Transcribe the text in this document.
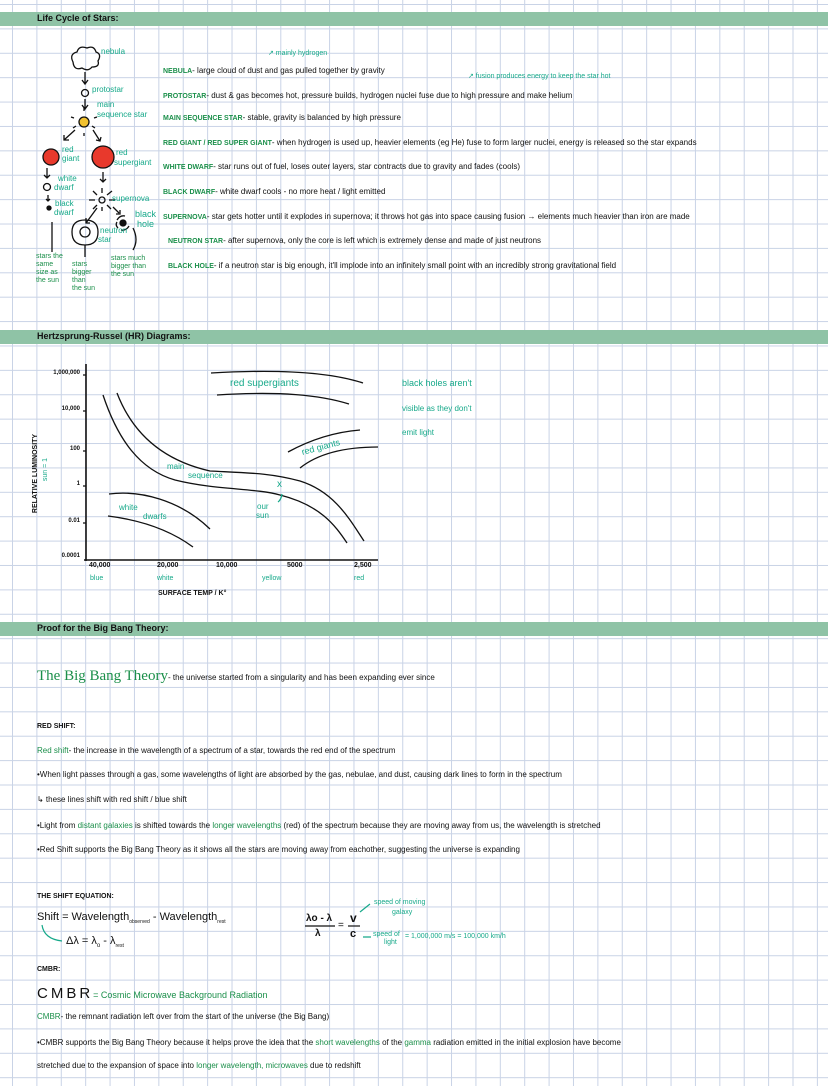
Life Cycle of Stars:
Hertzsprung-Russel (HR) Diagrams:
Proof for the Big Bang Theory:
nebula
protostar
main
sequence star
red
giant
red
supergiant
white
dwarf
black
dwarf
supernova
black
hole
neutron
star
stars the
same
size as
the sun
stars
bigger
than
the sun
stars much
bigger than
the sun
↗ mainly hydrogen
↗ fusion produces energy to keep the star hot
NEBULA- large cloud of dust and gas pulled together by gravity
PROTOSTAR- dust & gas becomes hot, pressure builds, hydrogen nuclei fuse due to high pressure and make helium
MAIN SEQUENCE STAR- stable, gravity is balanced by high pressure
RED GIANT / RED SUPER GIANT- when hydrogen is used up, heavier elements (eg He) fuse to form larger nuclei, energy is released so the star expands
WHITE DWARF- star runs out of fuel, loses outer layers, star contracts due to gravity and fades (cools)
BLACK DWARF- white dwarf cools - no more heat / light emitted
SUPERNOVA- star gets hotter until it explodes in supernova; it throws hot gas into space causing fusion → elements much heavier than iron are made
NEUTRON STAR- after supernova, only the core is left which is extremely dense and made of just neutrons
BLACK HOLE- if a neutron star is big enough, it'll implode into an infinitely small point with an incredibly strong gravitational field
1,000,000
10,000
100
1
0.01
0.0001
40,000	20,000	10,000	5000	2,500
blue	white	yellow	red
SURFACE TEMP / K°
RELATIVE LUMINOSITY sun = 1
red supergiants
red giants
main
sequence
white
dwarfs
our
sun
x
black holes aren't
visible as they don't
emit light
The Big Bang Theory- the universe started from a singularity and has been expanding ever since
RED SHIFT:
Red shift- the increase in the wavelength of a spectrum of a star, towards the red end of the spectrum
•When light passes through a gas, some wavelengths of light are absorbed by the gas, nebulae, and dust, causing dark lines to form in the spectrum
↳ these lines shift with red shift / blue shift
•Light from distant galaxies is shifted towards the longer wavelengths (red) of the spectrum because they are moving away from us, the wavelength is stretched
•Red Shift supports the Big Bang Theory as it shows all the stars are moving away from eachother, suggesting the universe is expanding
THE SHIFT EQUATION:
Shift = Wavelength$_{observed}$ - Wavelength$_{rest}$
$\Delta\lambda = \lambda_o - \lambda_{rest}$
λo - λ
λ
=
v
c
speed of moving
galaxy
speed of
light
= 1,000,000 m/s = 100,000 km/h
CMBR:
CMBR= Cosmic Microwave Background Radiation
CMBR- the remnant radiation left over from the start of the universe (the Big Bang)
•CMBR supports the Big Bang Theory because it helps prove the idea that the short wavelengths of the gamma radiation emitted in the initial explosion have become
stretched due to the expansion of space into longer wavelength, microwaves due to redshift
